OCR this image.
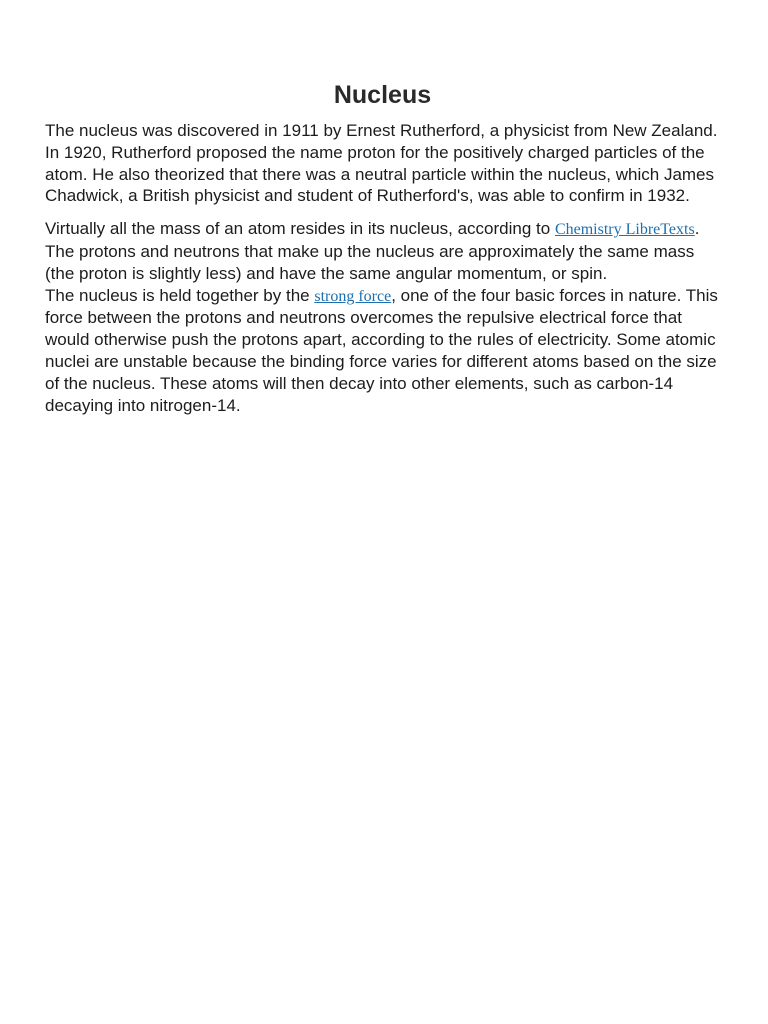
Nucleus

The nucleus was discovered in 1911 by Ernest Rutherford, a physicist from New Zealand. In 1920, Rutherford proposed the name proton for the positively charged particles of the atom. He also theorized that there was a neutral particle within the nucleus, which James Chadwick, a British physicist and student of Rutherford's, was able to confirm in 1932.

Virtually all the mass of an atom resides in its nucleus, according to Chemistry LibreTexts. The protons and neutrons that make up the nucleus are approximately the same mass (the proton is slightly less) and have the same angular momentum, or spin.

The nucleus is held together by the strong force, one of the four basic forces in nature. This force between the protons and neutrons overcomes the repulsive electrical force that would otherwise push the protons apart, according to the rules of electricity. Some atomic nuclei are unstable because the binding force varies for different atoms based on the size of the nucleus. These atoms will then decay into other elements, such as carbon-14 decaying into nitrogen-14.
